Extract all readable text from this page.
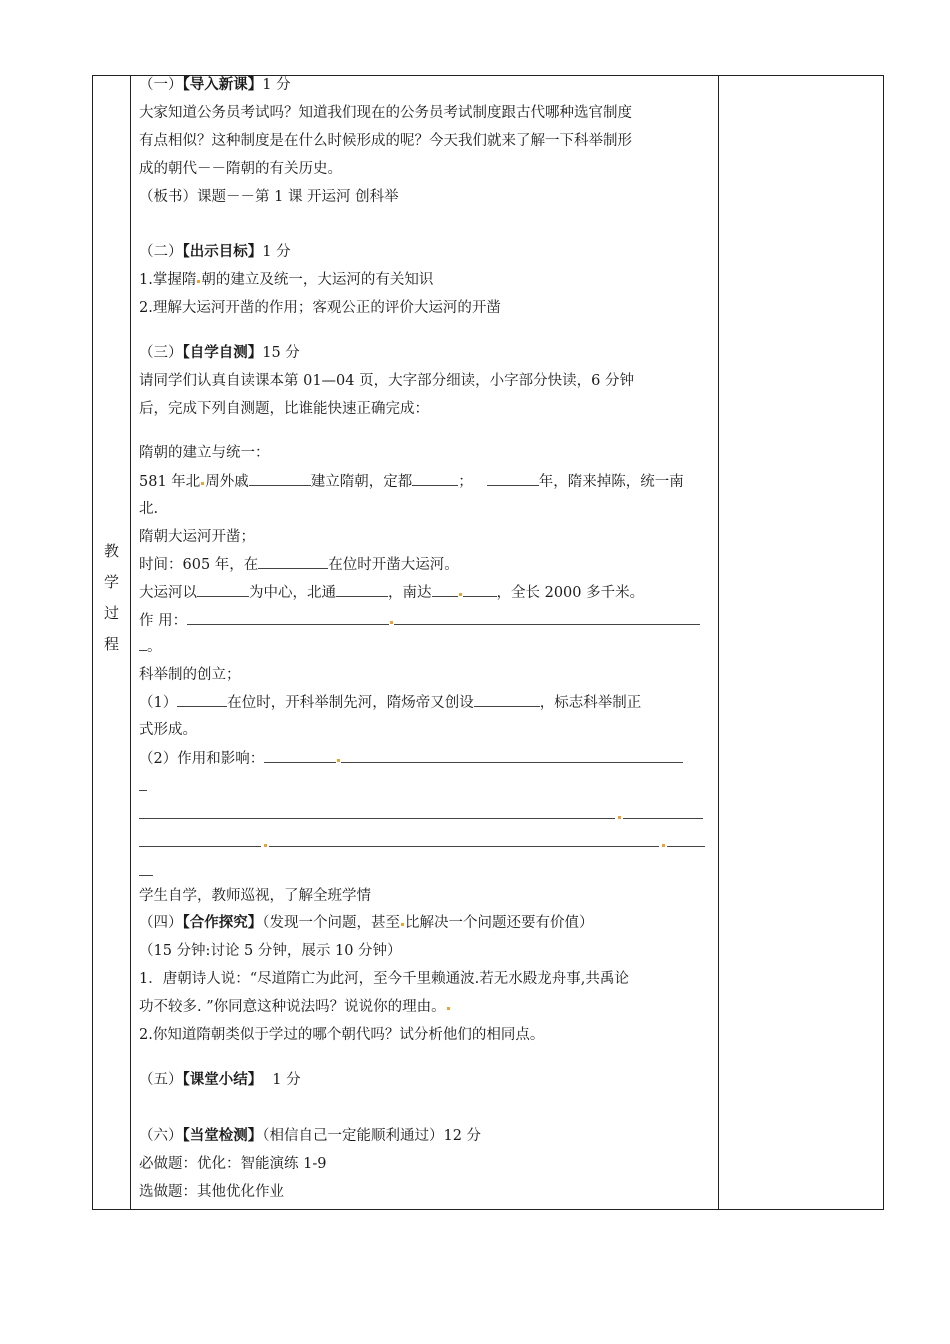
教
学
过
程
（一）【导入新课】1 分
大家知道公务员考试吗？知道我们现在的公务员考试制度跟古代哪种选官制度
有点相似？这种制度是在什么时候形成的呢？今天我们就来了解一下科举制形
成的朝代－－隋朝的有关历史。
（板书）课题－－第 1 课 开运河 创科举
（二）【出示目标】1 分
1.掌握隋 朝的建立及统一，大运河的有关知识
2.理解大运河开凿的作用；客观公正的评价大运河的开凿
（三）【自学自测】15 分
请同学们认真自读课本第 01—04 页，大字部分细读，小字部分快读，6 分钟
后，完成下列自测题，比谁能快速正确完成：
隋朝的建立与统一：
581 年北 周外戚	建立隋朝，定都	；	年，隋来掉陈，统一南
北.
隋朝大运河开凿；
时间：605 年，在	在位时开凿大运河。
大运河以	为中心，北通	，南达	，全长 2000 多千米。
作 用：
。
科举制的创立；
（1）	在位时，开科举制先河，隋炀帝又创设	，标志科举制正
式形成。
（2）作用和影响：
学生自学，教师巡视，了解全班学情
（四）【合作探究】（发现一个问题，甚至 比解决一个问题还要有价值）
（15 分钟:讨论 5 分钟，展示 10 分钟）
1．唐朝诗人说：“尽道隋亡为此河，至今千里赖通波.若无水殿龙舟事,共禹论
功不较多. ”你同意这种说法吗？说说你的理由。
2.你知道隋朝类似于学过的哪个朝代吗？试分析他们的相同点。
（五）【课堂小结】 1 分
（六）【当堂检测】（相信自己一定能顺利通过）12 分
必做题：优化：智能演练 1-9
选做题：其他优化作业
